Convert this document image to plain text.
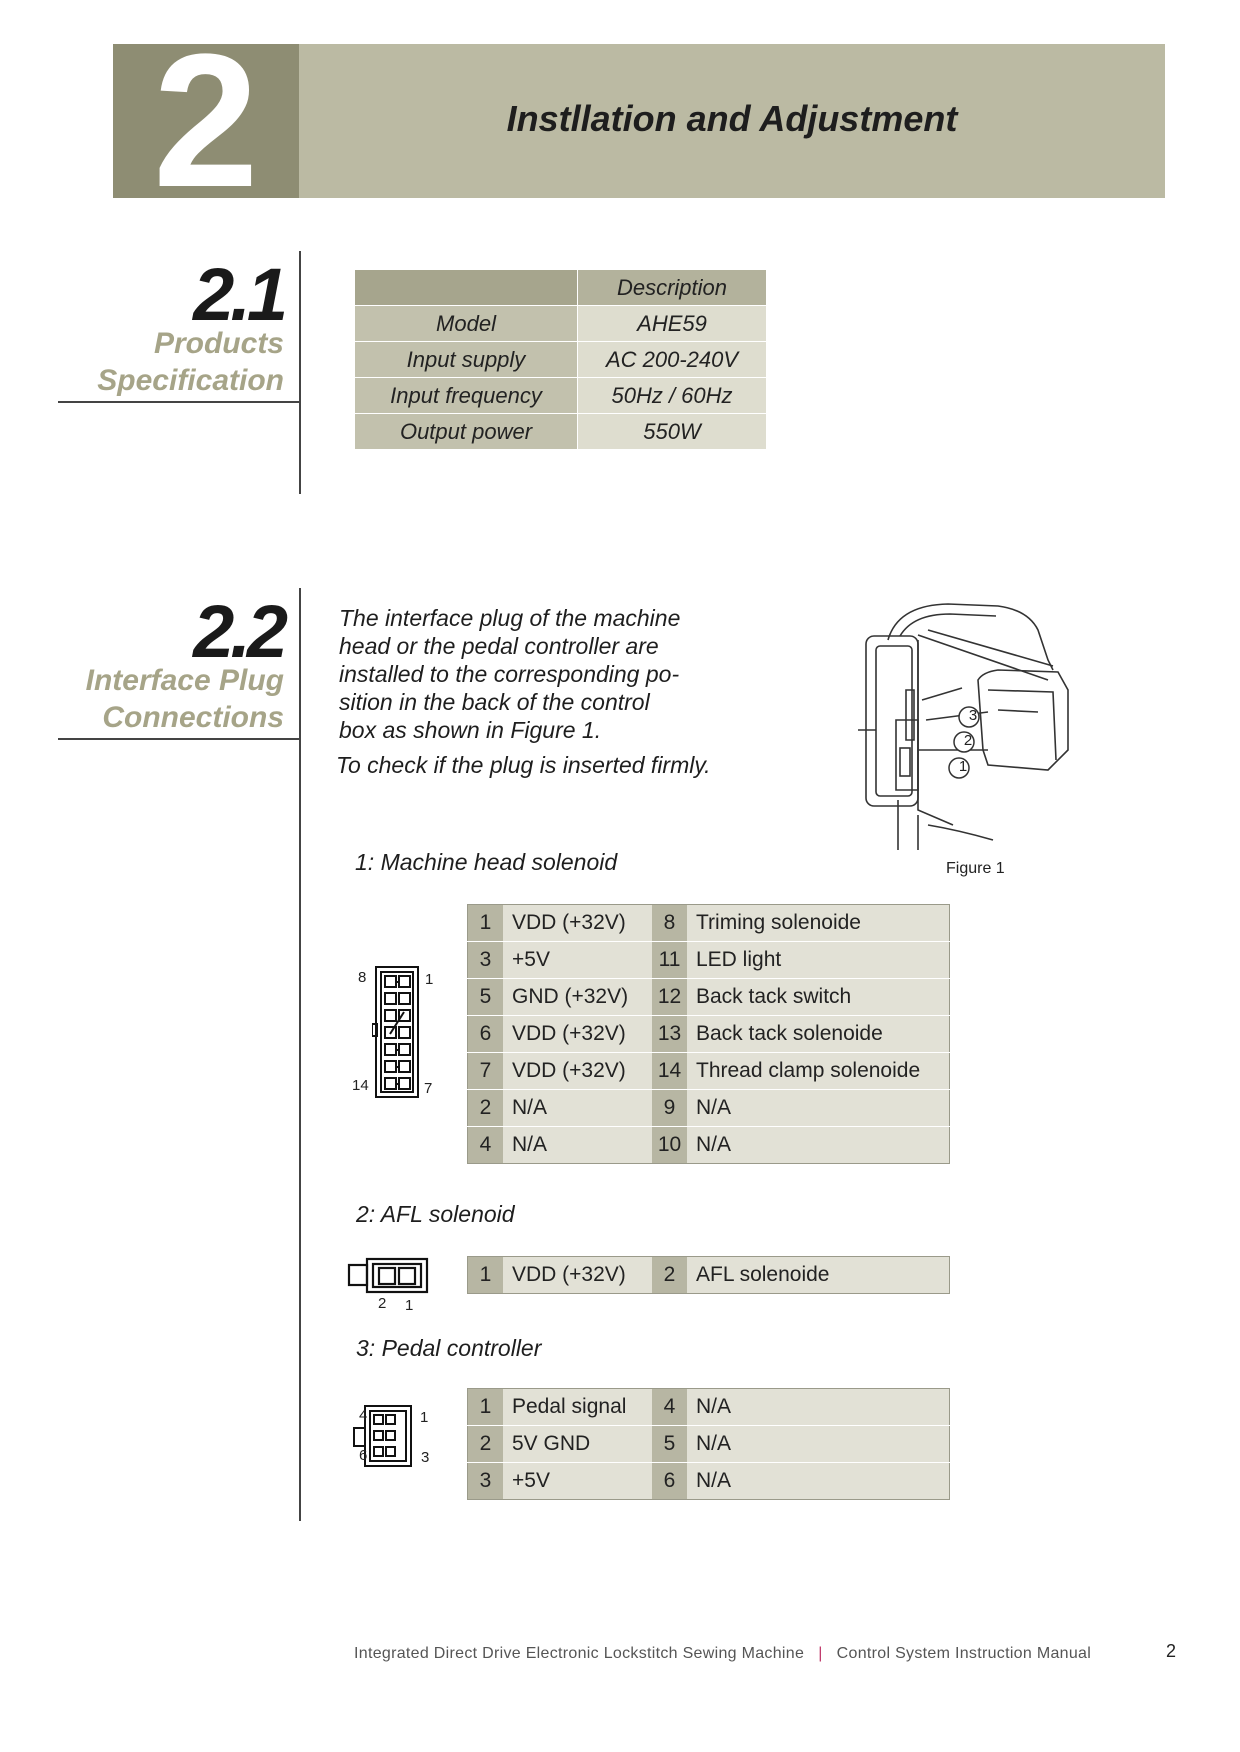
2	Instllation and Adjustment
2.1
Products
Specification
	Description
Model	AHE59
Input supply	AC 200-240V
Input frequency	50Hz / 60Hz
Output power	550W
2.2
Interface Plug
Connections
The interface plug of the machine
head or the pedal controller are
installed to the corresponding po-
sition in the back of the control
box as shown in Figure 1.
To check if the plug is inserted firmly.
3
2
1
Figure 1
1: Machine head solenoid
8	1
14	7
1	VDD (+32V)	8	Triming solenoide
3	+5V	11	LED light
5	GND (+32V)	12	Back tack switch
6	VDD (+32V)	13	Back tack solenoide
7	VDD (+32V)	14	Thread clamp solenoide
2	N/A	9	N/A
4	N/A	10	N/A
2: AFL solenoid
2 1
1	VDD (+32V)	2	AFL solenoide
3: Pedal controller
4	1
6	3
1	Pedal signal	4	N/A
2	5V GND	5	N/A
3	+5V	6	N/A
Integrated Direct Drive Electronic Lockstitch Sewing Machine | Control System Instruction Manual	2
